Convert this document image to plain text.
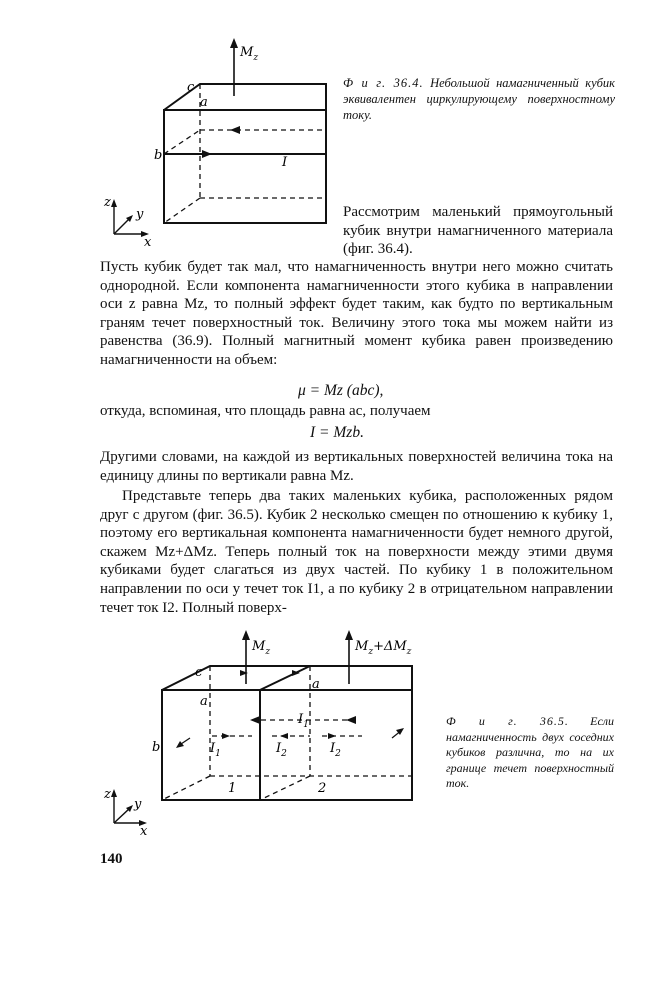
$M_z$
c
a
b	I
z
y
x
Ф и г. 36.4. Небольшой намагниченный кубик эквивалентен циркулирующему поверхностному току.
Рассмотрим маленький прямоугольный кубик внутри намагниченного материала (фиг. 36.4).
Пусть кубик будет так мал, что намагниченность внутри него можно считать однородной. Если компонента намагниченности этого кубика в направлении оси z равна Mz, то полный эффект будет таким, как будто по вертикальным граням течет поверхностный ток. Величину этого тока мы можем найти из равенства (36.9). Полный магнитный момент кубика равен произведению намагниченности на объем:
μ = Mz (abc),
откуда, вспоминая, что площадь равна ac, получаем
I = Mzb.
Другими словами, на каждой из вертикальных поверхностей величина тока на единицу длины по вертикали равна Mz.
Представьте теперь два таких маленьких кубика, расположенных рядом друг с другом (фиг. 36.5). Кубик 2 несколько смещен по отношению к кубику 1, поэтому его вертикальная компонента намагниченности будет немного другой, скажем Mz+ΔMz. Теперь полный ток на поверхности между этими двумя кубиками будет слагаться из двух частей. По кубику 1 в положительном направлении по оси y течет ток I1, а по кубику 2 в отрицательном направлении течет ток I2. Полный поверх-
$M_z$	$M_z+\Delta M_z$
c
a
a
b
$I_1$
$I_1$	$I_2$	$I_2$
1	2
z
y
x
Ф и г. 36.5. Если намагниченность двух соседних кубиков различна, то на их границе течет поверхностный ток.
140
